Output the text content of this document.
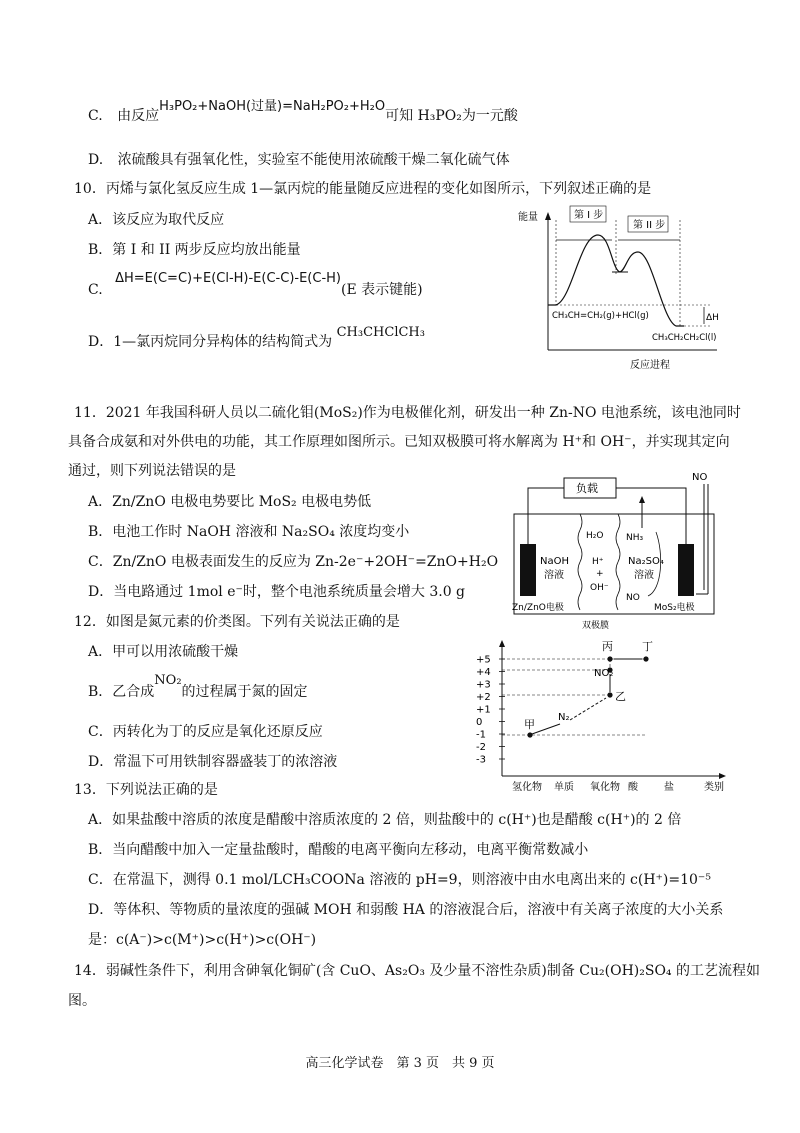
C. 由反应H₃PO₂+NaOH(过量)=NaH₂PO₂+H₂O可知 H₃PO₂为一元酸
D. 浓硫酸具有强氧化性，实验室不能使用浓硫酸干燥二氧化硫气体
10．丙烯与氯化氢反应生成 1—氯丙烷的能量随反应进程的变化如图所示，下列叙述正确的是
A．该反应为取代反应
B．第 I 和 II 两步反应均放出能量
C. ΔH=E(C=C)+E(Cl-H)-E(C-C)-E(C-H)(E 表示键能)
D．1—氯丙烷同分异构体的结构简式为 CH₃CHClCH₃
能量	第 I 步
第 II 步
ΔH
CH₃CH=CH₂(g)+HCl(g)
CH₃CH₂CH₂Cl(l)
反应进程
11．2021 年我国科研人员以二硫化钼(MoS₂)作为电极催化剂，研发出一种 Zn-NO 电池系统，该电池同时
具备合成氨和对外供电的功能，其工作原理如图所示。已知双极膜可将水解离为 H⁺和 OH⁻，并实现其定向
通过，则下列说法错误的是
A．Zn/ZnO 电极电势要比 MoS₂ 电极电势低
B．电池工作时 NaOH 溶液和 Na₂SO₄ 浓度均变小
C．Zn/ZnO 电极表面发生的反应为 Zn-2e⁻+2OH⁻=ZnO+H₂O
D．当电路通过 1mol e⁻时，整个电池系统质量会增大 3.0 g
负载
NO
H₂O
H⁺
+
OH⁻
NaOH
溶液
NH₃
Na₂SO₄
溶液
NO
Zn/ZnO电极	MoS₂电极
双极膜
12．如图是氮元素的价类图。下列有关说法正确的是
A．甲可以用浓硫酸干燥
B．乙合成NO₂的过程属于氮的固定
C．丙转化为丁的反应是氧化还原反应
D．常温下可用铁制容器盛装丁的浓溶液
+5
+4
+3
+2
+1
0
-1
-2
-3
氢化物 单质 氧化物 酸	盐	类别
甲
N₂
乙
NO₂
丙	丁
13．下列说法正确的是
A．如果盐酸中溶质的浓度是醋酸中溶质浓度的 2 倍，则盐酸中的 c(H⁺)也是醋酸 c(H⁺)的 2 倍
B．当向醋酸中加入一定量盐酸时，醋酸的电离平衡向左移动，电离平衡常数减小
C．在常温下，测得 0.1 mol/LCH₃COONa 溶液的 pH=9，则溶液中由水电离出来的 c(H⁺)=10⁻⁵
D．等体积、等物质的量浓度的强碱 MOH 和弱酸 HA 的溶液混合后，溶液中有关离子浓度的大小关系
是：c(A⁻)>c(M⁺)>c(H⁺)>c(OH⁻)
14．弱碱性条件下，利用含砷氧化铜矿(含 CuO、As₂O₃ 及少量不溶性杂质)制备 Cu₂(OH)₂SO₄ 的工艺流程如
图。
高三化学试卷　第 3 页　共 9 页
